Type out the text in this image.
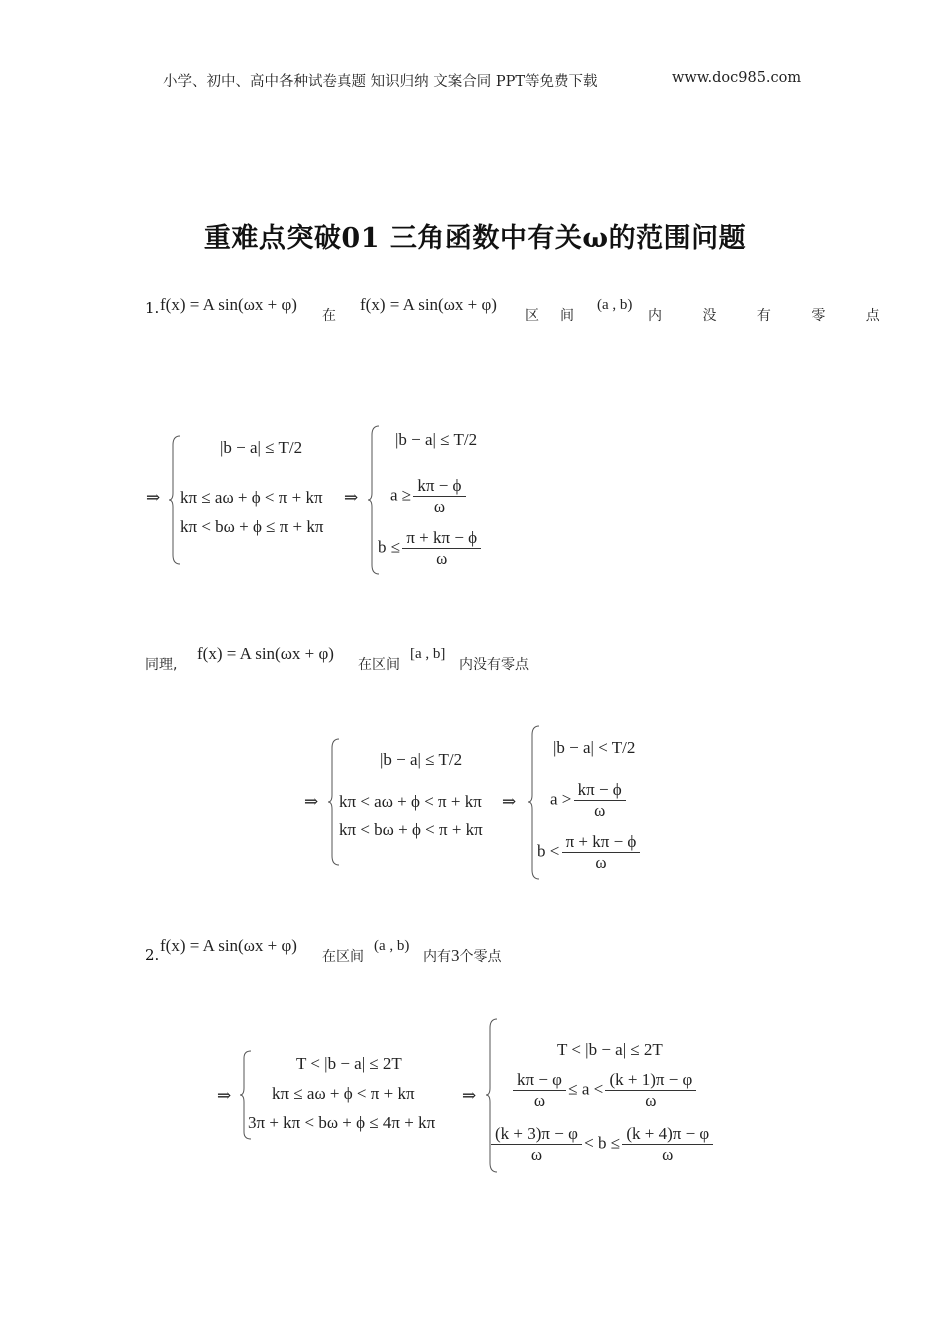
小学、初中、高中各种试卷真题 知识归纳 文案合同 PPT等免费下载	www.doc985.com
重难点突破01 三角函数中有关ω的范围问题
1. f(x) = A sin(ωx + φ)
在
f(x) = A sin(ωx + φ)
区 间
(a , b)
内 没 有 零 点
⇒
|b − a| ≤ T/2
kπ ≤ aω + ϕ < π + kπ ⇒
kπ < bω + ϕ ≤ π + kπ
|b − a| ≤ T/2
$a \ge \frac{k\pi - \phi}{\omega}$
$b \le \frac{\pi + k\pi - \phi}{\omega}$
同理,
f(x) = A sin(ωx + φ)
在区间
[a , b]
内没有零点
⇒
|b − a| ≤ T/2
kπ < aω + ϕ < π + kπ ⇒
kπ < bω + ϕ < π + kπ
|b − a| < T/2
$a > \frac{k\pi - \phi}{\omega}$
$b < \frac{\pi + k\pi - \phi}{\omega}$
2. f(x) = A sin(ωx + φ)
在区间
(a , b)
内有3个零点
⇒
T < |b − a| ≤ 2T
kπ ≤ aω + ϕ < π + kπ
3π + kπ < bω + ϕ ≤ 4π + kπ
⇒
T < |b − a| ≤ 2T
$\frac{k\pi - \varphi}{\omega} \le a < \frac{(k + 1)\pi - \varphi}{\omega}$
$\frac{(k + 3)\pi - \varphi}{\omega} < b \le \frac{(k + 4)\pi - \varphi}{\omega}$
